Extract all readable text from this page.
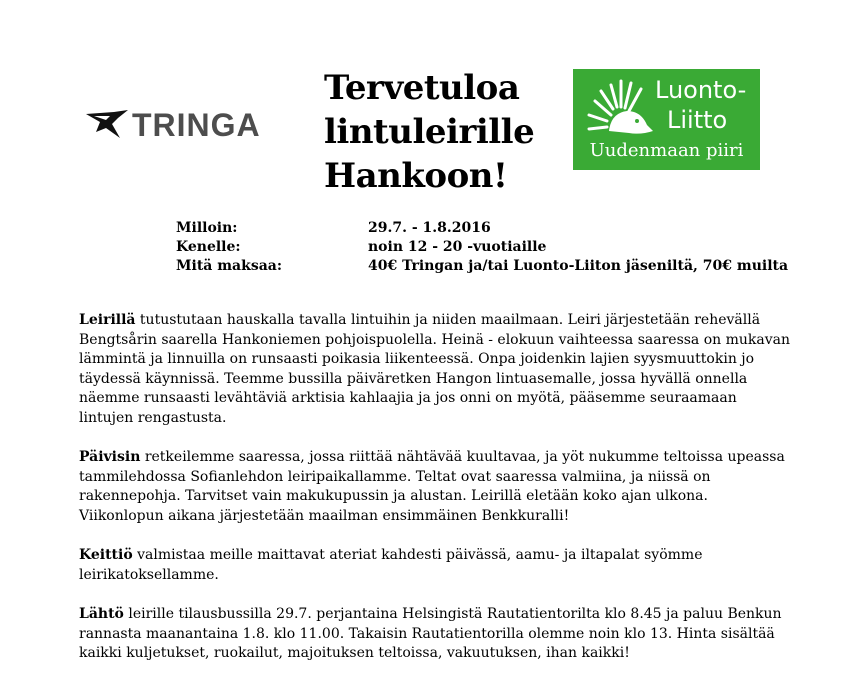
TRINGA
Tervetuloa
lintuleirille
Hankoon!
Luonto-
Liitto
Uudenmaan piiri
Milloin:	29.7. - 1.8.2016
Kenelle:	noin 12 - 20 -vuotiaille
Mitä maksaa:	40€ Tringan ja/tai Luonto-Liiton jäseniltä, 70€ muilta

Leirillä tutustutaan hauskalla tavalla lintuihin ja niiden maailmaan. Leiri järjestetään rehevällä
Bengtsårin saarella Hankoniemen pohjoispuolella. Heinä - elokuun vaihteessa saaressa on mukavan
lämmintä ja linnuilla on runsaasti poikasia liikenteessä. Onpa joidenkin lajien syysmuuttokin jo
täydessä käynnissä. Teemme bussilla päiväretken Hangon lintuasemalle, jossa hyvällä onnella
näemme runsaasti levähtäviä arktisia kahlaajia ja jos onni on myötä, pääsemme seuraamaan
lintujen rengastusta.

Päivisin retkeilemme saaressa, jossa riittää nähtävää kuultavaa, ja yöt nukumme teltoissa upeassa
tammilehdossa Sofianlehdon leiripaikallamme. Teltat ovat saaressa valmiina, ja niissä on
rakennepohja. Tarvitset vain makukupussin ja alustan. Leirillä eletään koko ajan ulkona.
Viikonlopun aikana järjestetään maailman ensimmäinen Benkkuralli!

Keittiö valmistaa meille maittavat ateriat kahdesti päivässä, aamu- ja iltapalat syömme
leirikatoksellamme.

Lähtö leirille tilausbussilla 29.7. perjantaina Helsingistä Rautatientorilta klo 8.45 ja paluu Benkun
rannasta maanantaina 1.8. klo 11.00. Takaisin Rautatientorilla olemme noin klo 13. Hinta sisältää
kaikki kuljetukset, ruokailut, majoituksen teltoissa, vakuutuksen, ihan kaikki!
